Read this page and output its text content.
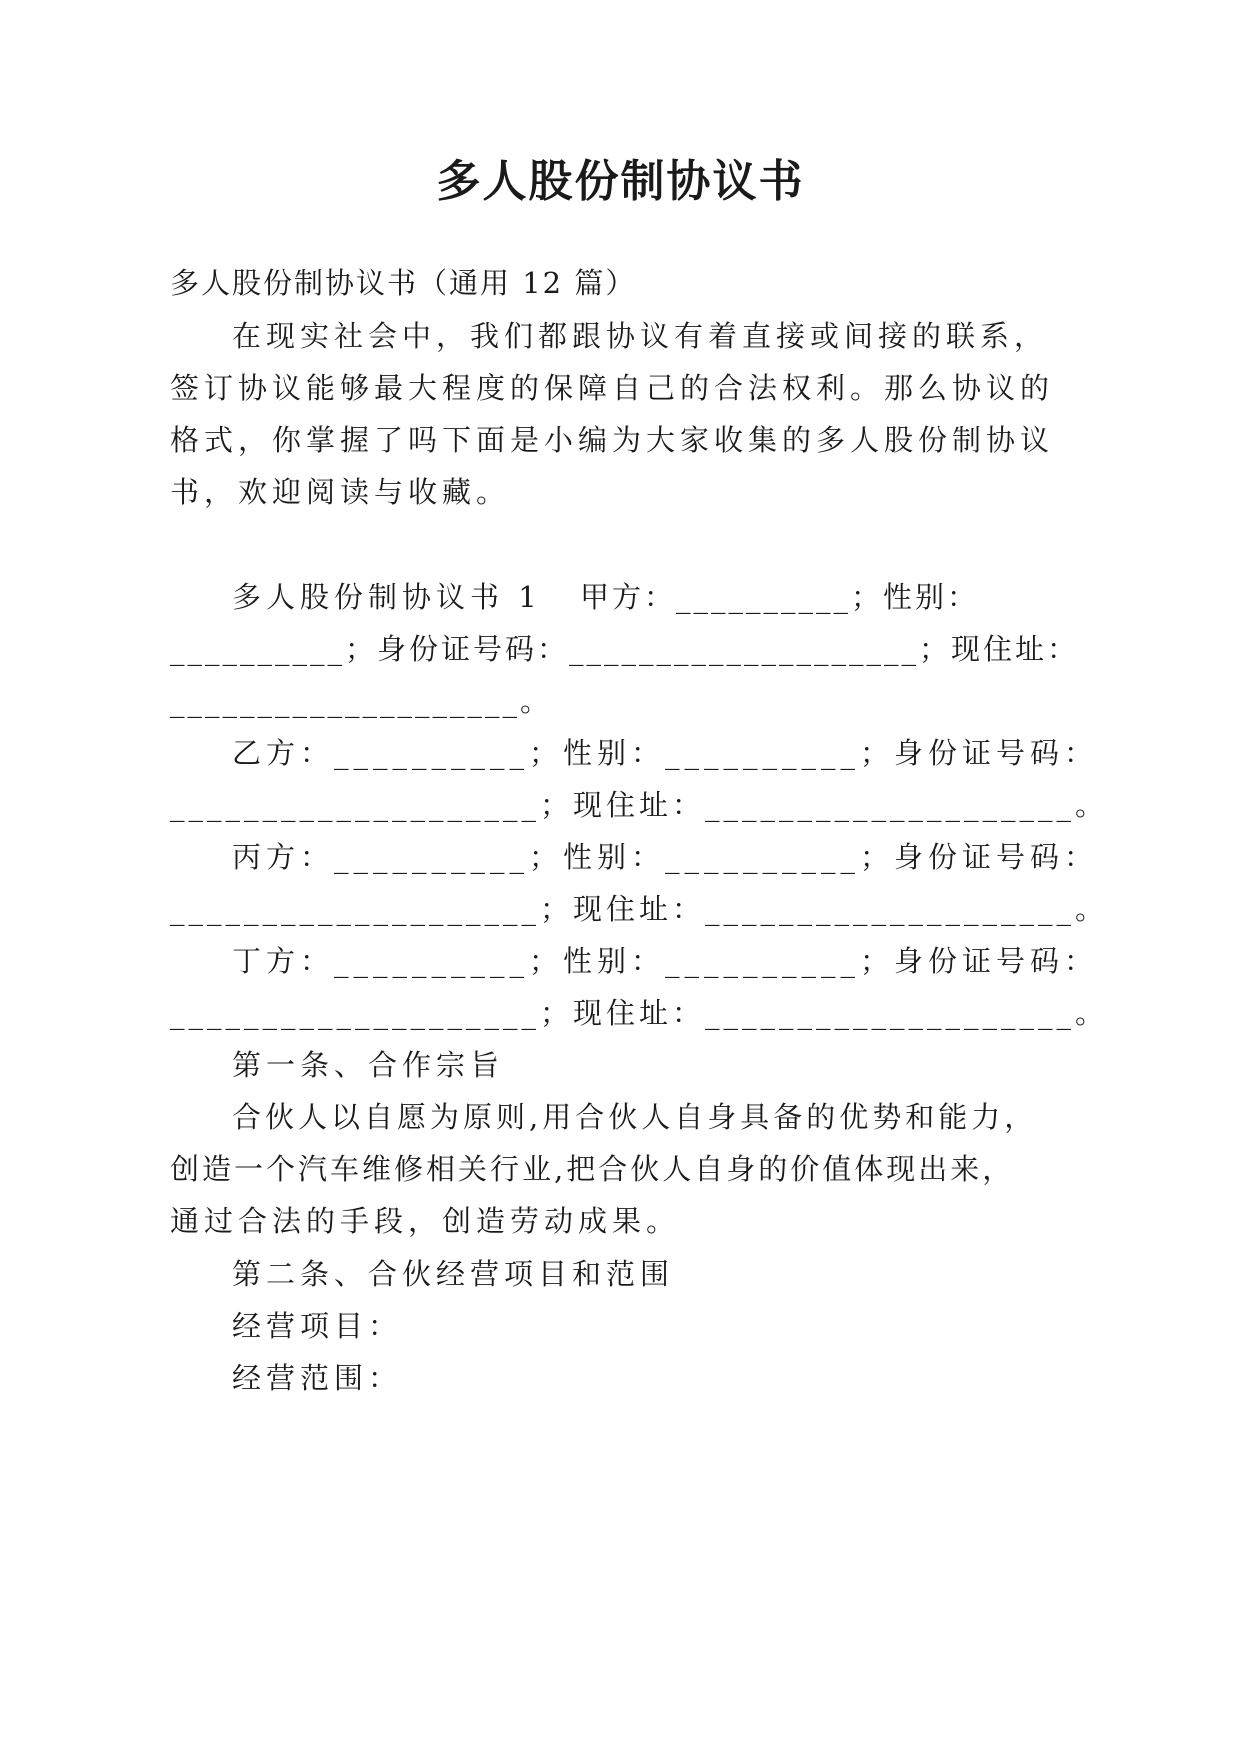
多人股份制协议书
多人股份制协议书（通用 12 篇）
在现实社会中，我们都跟协议有着直接或间接的联系，
签订协议能够最大程度的保障自己的合法权利。那么协议的
格式，你掌握了吗下面是小编为大家收集的多人股份制协议
书，欢迎阅读与收藏。
多人股份制协议书 1 甲方：__________；性别：
__________；身份证号码：____________________；现住址：
____________________。
乙方：__________；性别：__________；身份证号码：
____________________；现住址：____________________。
丙方：__________；性别：__________；身份证号码：
____________________；现住址：____________________。
丁方：__________；性别：__________；身份证号码：
____________________；现住址：____________________。
第一条、合作宗旨
合伙人以自愿为原则,用合伙人自身具备的优势和能力，
创造一个汽车维修相关行业,把合伙人自身的价值体现出来，
通过合法的手段，创造劳动成果。
第二条、合伙经营项目和范围
经营项目：
经营范围：
